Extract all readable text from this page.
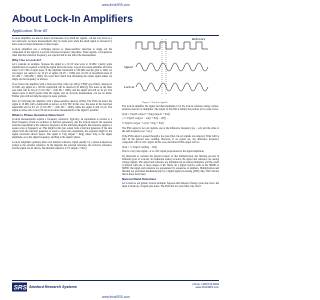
www.thinkSRS.com
About Lock-In Amplifiers
Application Note #3

Lock-in amplifiers are used to detect and measure very small AC signals—all the way down to a few nanovolts. Accurate measurements may be made even when the small signal is obscured by noise sources many thousands of times larger.

Lock-in amplifiers use a technique known as phase-sensitive detection to single out the component of the signal at a specific reference frequency and phase. Noise signals, at frequencies other than the reference frequency, are rejected and do not affect the measurement.

Why Use a Lock-In?

Let's consider an example. Suppose the signal is a 10 nV sine wave at 10 kHz. Clearly some amplification is required to bring the signal above the noise. A good low-noise amplifier will have about 5 nV/√Hz of input noise. If the amplifier bandwidth is 100 kHz and the gain is 1000, we can expect our output to be 10 μV of signal (10 nV × 1000) and 1.6 mV of broadband noise (5 nV/√Hz × √100 kHz × 1000). We won't have much luck measuring the output signal unless we single out the frequency of interest.

If we follow the amplifier with a band pass filter with a Q=100 (a VERY good filter) centered at 10 kHz, any signal in a 100 Hz bandwidth will be detected (10 kHz/Q). The noise in the filter pass band will be 50 μV (5 nV/√Hz × √100 Hz × 1000), and the signal will still be 10 μV. The output noise is much greater than the signal, and an accurate measurement can not be made. Further gain will not help the signal to noise problem.

Now try following the amplifier with a phase-sensitive detector (PSD). The PSD can detect the signal at 10 kHz with a bandwidth as narrow as 0.01 Hz! In this case, the noise in the detection bandwidth will be 0.5 μV (5 nV/√Hz × √0.01 Hz × 1000), while the signal is still 10 μV. The signal-to-noise ratio is now 20 and an accurate measurement of the signal is possible.

What is Phase-Sensitive Detection?

Lock-in measurements require a frequency reference. Typically, an experiment is excited at a fixed frequency (from an oscillator or function generator), and the lock-in detects the response from the experiment at the reference frequency. In the following diagram, the reference signal is a square wave at frequency ωr. This might be the sync output from a function generator. If the sine output from the function generator is used to excite the experiment, the response might be the signal waveform shown below. The signal is Vsig sin(ωrt + θsig) where Vsig is the signal amplitude, ωr is the signal frequency, and θsig is the signal's phase.

Lock-in amplifiers generate their own internal reference signal usually by a phase-locked-loop locked to the external reference. In the diagram, the external reference, the lock-in's reference, and the signal are all shown. The internal reference is VL sin(ωLt + θref).

Reference
Signal
Lock-in
Figure 1: Lock-in signals

The lock-in amplifies the signal and then multiplies it by the lock-in reference using a phase-sensitive detector or multiplier. The output of the PSD is simply the product of two sine waves.

Vpsd = VsigVL sin(ωrt + θsig) sin(ωLt + θref)

= ½ VsigVL cos([ωr − ωL]t + θsig − θref) −

½ VsigVL cos([ωr + ωL]t + θsig + θref)

The PSD output is two AC signals, one at the difference frequency (ωr − ωL) and the other at the sum frequency (ωr + ωL).

If the PSD output is passed through a low pass filter, the AC signals are removed. What will be left? In the general case, nothing. However, if ωr equals ωL, the difference frequency component will be a DC signal. In this case, the filtered PSD output will be:

Vpsd = ½ VsigVL cos(θsig − θref)

This is a very nice signal—it is a DC signal proportional to the signal amplitude.

It's important to consider the physical nature of this multiplication and filtering process in different types of lock-ins. In traditional analog lock-ins, the signal and reference are analog voltage signals. The signal and reference are multiplied in an analog multiplier, and the result is filtered with one or more stages of RC filters. In a digital lock-in, such as the SR830 or SR850, the signal and reference are represented by sequences of numbers. Multiplication and filtering are performed mathematically by a digital signal processing (DSP) chip. We'll discuss this in more detail later.

Narrow Band Detection

Let's return to our generic lock-in example. Suppose that instead of being a pure sine wave, the input is made up of signal plus noise. The PSD and low pass filter only detect

SRS Stanford Research Systems	phone: (408)744-9040
www.thinkSRS.com
www.thinkSRS.com
